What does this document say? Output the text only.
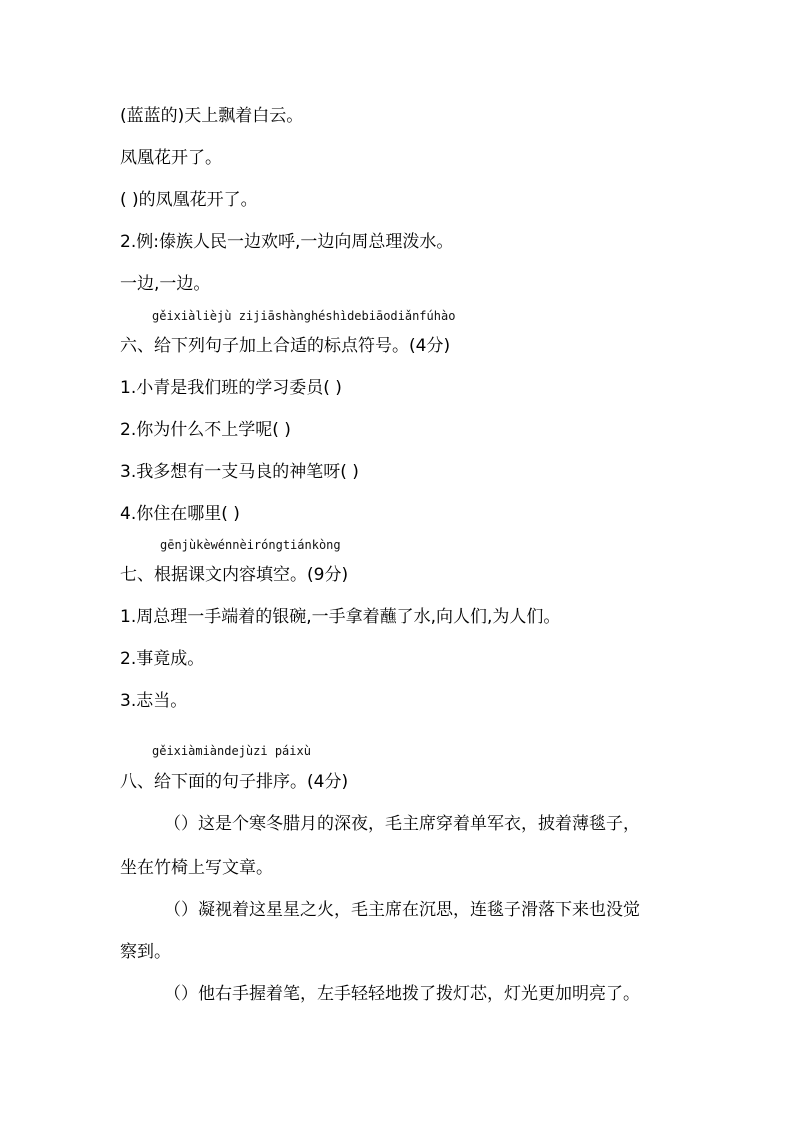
(蓝蓝的)天上飘着白云。
凤凰花开了。
( )的凤凰花开了。
2.例:傣族人民一边欢呼,一边向周总理泼水。
一边,一边。
gěixiàlièjù zijiāshànghéshìdebiāodiǎnfúhào
六、给下列句子加上合适的标点符号。(4分)
1.小青是我们班的学习委员( )
2.你为什么不上学呢( )
3.我多想有一支马良的神笔呀( )
4.你住在哪里( )
gēnjùkèwénnèiróngtiánkòng
七、根据课文内容填空。(9分)
1.周总理一手端着的银碗,一手拿着蘸了水,向人们,为人们。
2.事竟成。
3.志当。
gěixiàmiàndejùzi páixù
八、给下面的句子排序。(4分)
（）这是个寒冬腊月的深夜，毛主席穿着单军衣，披着薄毯子，
坐在竹椅上写文章。
（）凝视着这星星之火，毛主席在沉思，连毯子滑落下来也没觉
察到。
（）他右手握着笔，左手轻轻地拨了拨灯芯，灯光更加明亮了。
